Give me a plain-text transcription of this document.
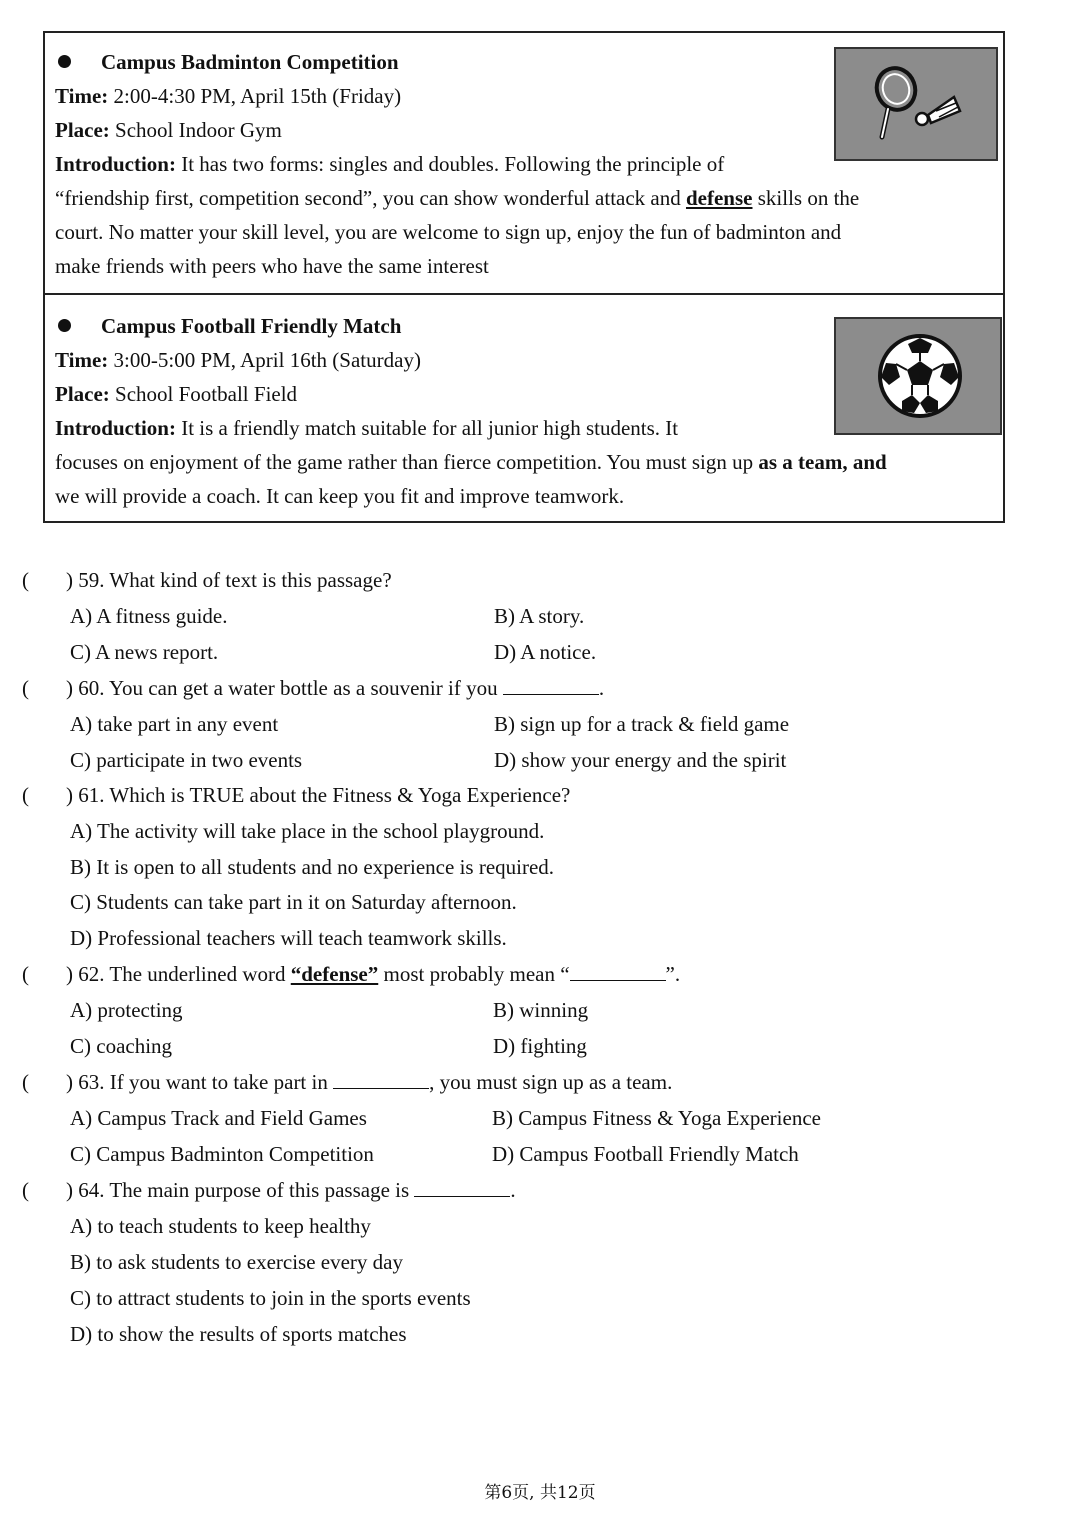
Campus Badminton Competition
Time: 2:00-4:30 PM, April 15th (Friday)
Place: School Indoor Gym
Introduction: It has two forms: singles and doubles. Following the principle of
“friendship first, competition second”, you can show wonderful attack and defense skills on the
court. No matter your skill level, you are welcome to sign up, enjoy the fun of badminton and
make friends with peers who have the same interest
Campus Football Friendly Match
Time: 3:00-5:00 PM, April 16th (Saturday)
Place: School Football Field
Introduction: It is a friendly match suitable for all junior high students. It
focuses on enjoyment of the game rather than fierce competition. You must sign up as a team, and
we will provide a coach. It can keep you fit and improve teamwork.
( ) 59. What kind of text is this passage?
A) A fitness guide.	B) A story.
C) A news report.	D) A notice.
( ) 60. You can get a water bottle as a souvenir if you	.
A) take part in any event	B) sign up for a track & field game
C) participate in two events	D) show your energy and the spirit
( ) 61. Which is TRUE about the Fitness & Yoga Experience?
A) The activity will take place in the school playground.
B) It is open to all students and no experience is required.
C) Students can take part in it on Saturday afternoon.
D) Professional teachers will teach teamwork skills.
( ) 62. The underlined word “defense” most probably mean “	”.
A) protecting	B) winning
C) coaching	D) fighting
( ) 63. If you want to take part in	, you must sign up as a team.
A) Campus Track and Field Games	B) Campus Fitness & Yoga Experience
C) Campus Badminton Competition	D) Campus Football Friendly Match
( ) 64. The main purpose of this passage is	.
A) to teach students to keep healthy
B) to ask students to exercise every day
C) to attract students to join in the sports events
D) to show the results of sports matches
第6页, 共12页
